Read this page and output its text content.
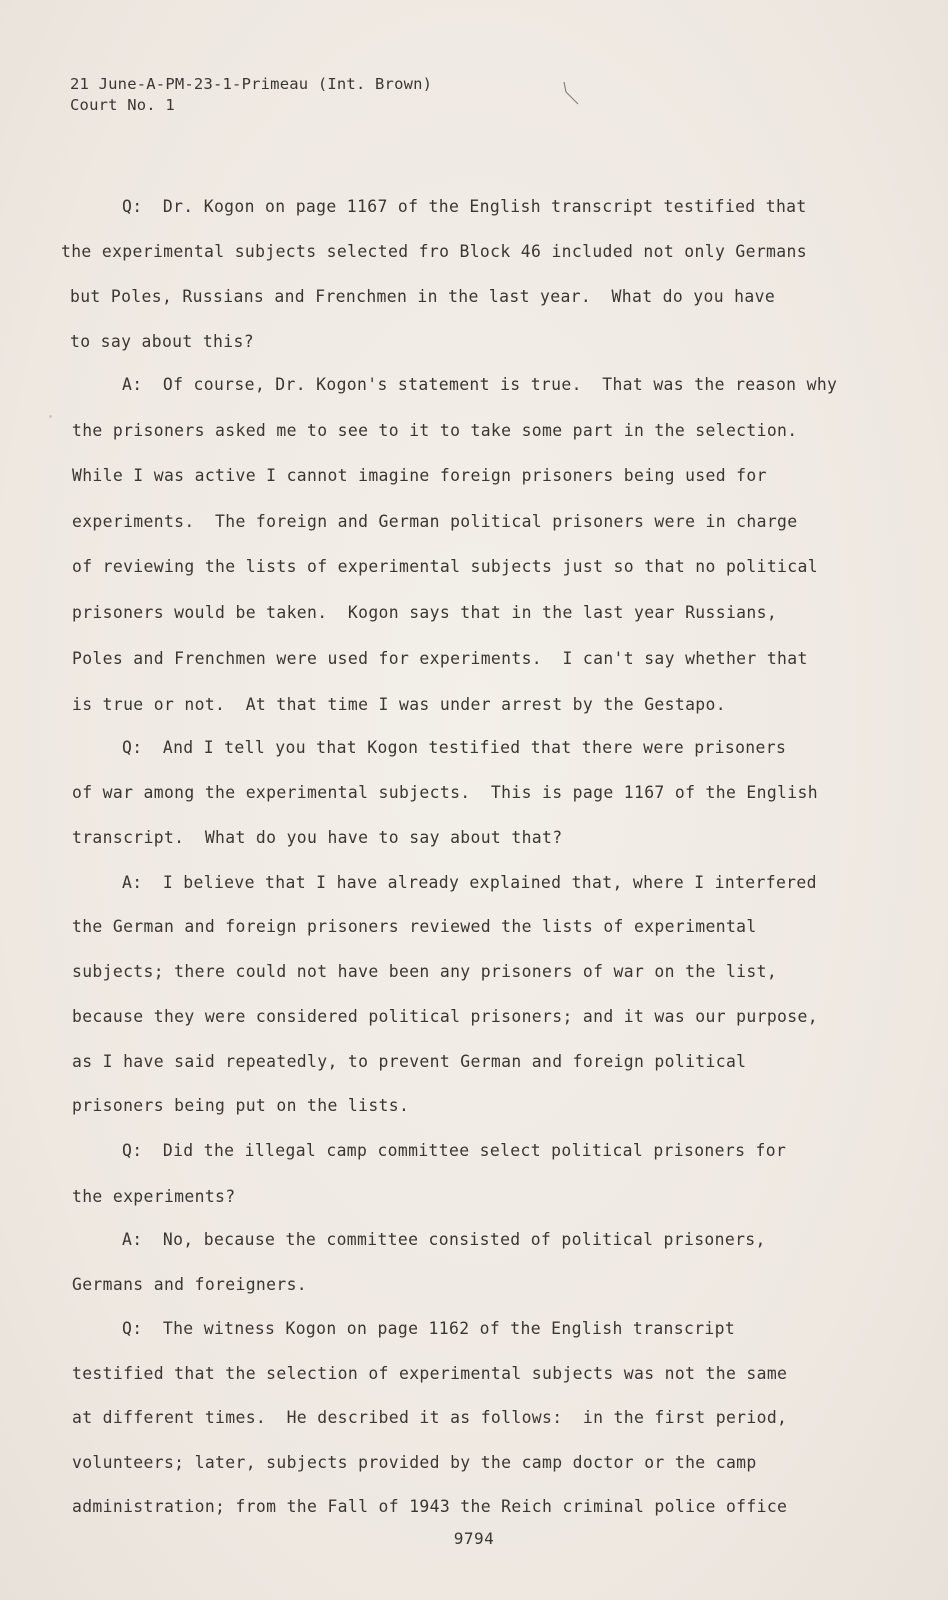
21 June-A-PM-23-1-Primeau (Int. Brown)
Court No. 1
Q:  Dr. Kogon on page 1167 of the English transcript testified that
the experimental subjects selected fro Block 46 included not only Germans
but Poles, Russians and Frenchmen in the last year.  What do you have
to say about this?
A:  Of course, Dr. Kogon's statement is true.  That was the reason why
the prisoners asked me to see to it to take some part in the selection.
While I was active I cannot imagine foreign prisoners being used for
experiments.  The foreign and German political prisoners were in charge
of reviewing the lists of experimental subjects just so that no political
prisoners would be taken.  Kogon says that in the last year Russians,
Poles and Frenchmen were used for experiments.  I can't say whether that
is true or not.  At that time I was under arrest by the Gestapo.
Q:  And I tell you that Kogon testified that there were prisoners
of war among the experimental subjects.  This is page 1167 of the English
transcript.  What do you have to say about that?
A:  I believe that I have already explained that, where I interfered
the German and foreign prisoners reviewed the lists of experimental
subjects; there could not have been any prisoners of war on the list,
because they were considered political prisoners; and it was our purpose,
as I have said repeatedly, to prevent German and foreign political
prisoners being put on the lists.
Q:  Did the illegal camp committee select political prisoners for
the experiments?
A:  No, because the committee consisted of political prisoners,
Germans and foreigners.
Q:  The witness Kogon on page 1162 of the English transcript
testified that the selection of experimental subjects was not the same
at different times.  He described it as follows:  in the first period,
volunteers; later, subjects provided by the camp doctor or the camp
administration; from the Fall of 1943 the Reich criminal police office
9794
